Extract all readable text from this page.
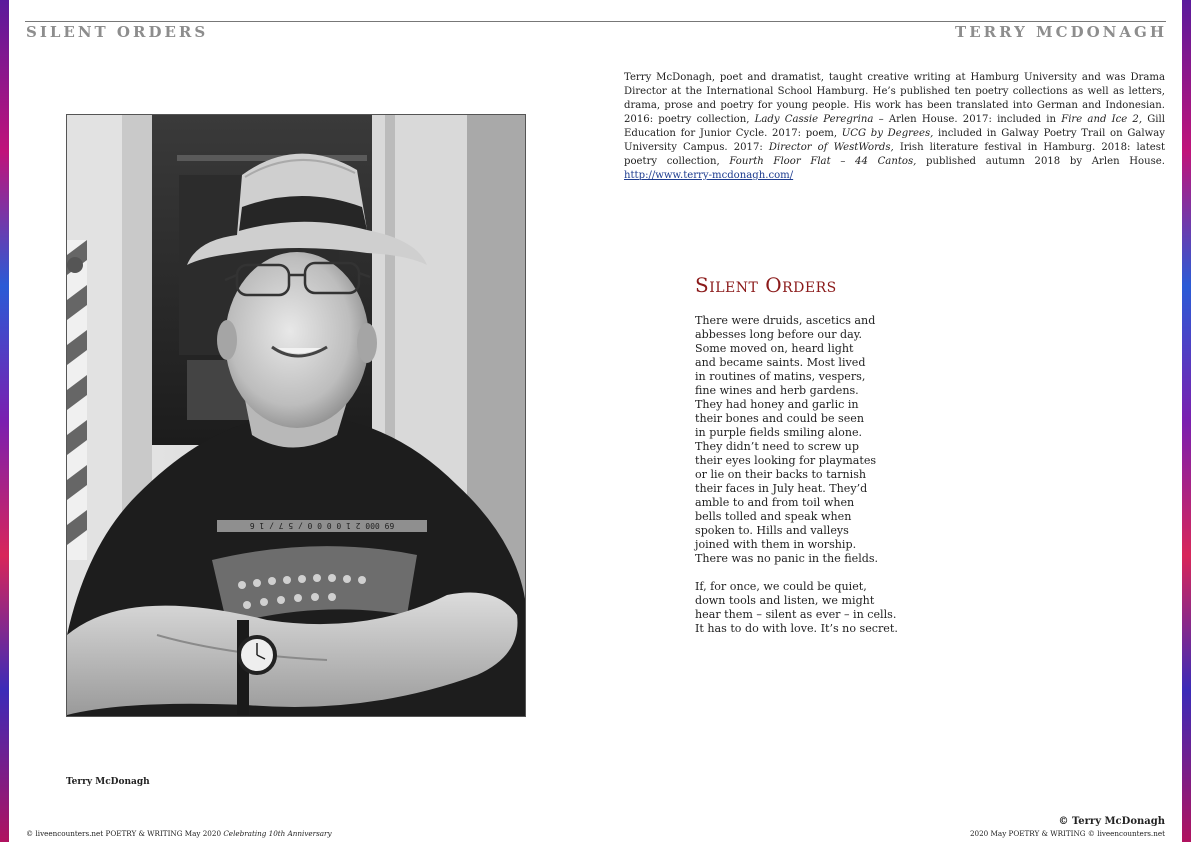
SILENT ORDERS	TERRY MCDONAGH
Terry McDonagh, poet and dramatist, taught creative writing at Hamburg University and was Drama Director at the International School Hamburg. He’s published ten poetry collections as well as letters, drama, prose and poetry for young people. His work has been translated into German and Indonesian. 2016: poetry collection, Lady Cassie Peregrina – Arlen House. 2017: included in Fire and Ice 2, Gill Education for Junior Cycle. 2017: poem, UCG by Degrees, included in Galway Poetry Trail on Galway University Campus. 2017: Director of WestWords, Irish literature festival in Hamburg. 2018: latest poetry collection, Fourth Floor Flat – 44 Cantos, published autumn 2018 by Arlen House. http://www.terry-mcdonagh.com/
69 000 2 1 0 0 0 0 / 5 7 / 1 6
Terry McDonagh
Silent Orders
There were druids, ascetics and
abbesses long before our day.
Some moved on, heard light
and became saints. Most lived
in routines of matins, vespers,
fine wines and herb gardens.
They had honey and garlic in
their bones and could be seen
in purple fields smiling alone.
They didn’t need to screw up
their eyes looking for playmates
or lie on their backs to tarnish
their faces in July heat. They’d
amble to and from toil when
bells tolled and speak when
spoken to. Hills and valleys
joined with them in worship.
There was no panic in the fields.
If, for once, we could be quiet,
down tools and listen, we might
hear them – silent as ever – in cells.
It has to do with love. It’s no secret.
© liveencounters.net POETRY & WRITING May 2020 Celebrating 10th Anniversary
© Terry McDonagh
2020 May POETRY & WRITING © liveencounters.net
